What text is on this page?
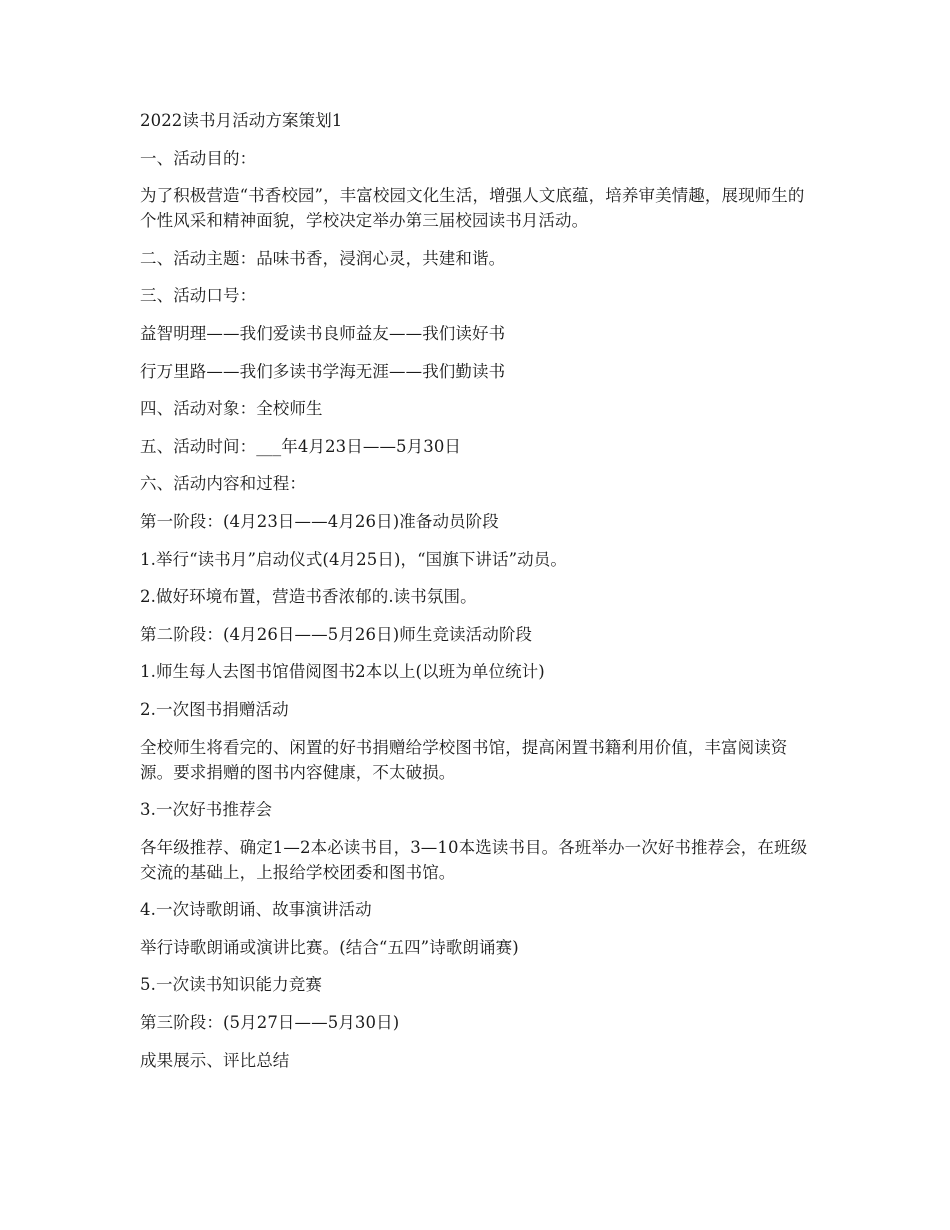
2022读书月活动方案策划1

一、活动目的：

为了积极营造“书香校园”，丰富校园文化生活，增强人文底蕴，培养审美情趣，展现师生的个性风采和精神面貌，学校决定举办第三届校园读书月活动。

二、活动主题：品味书香，浸润心灵，共建和谐。

三、活动口号：

益智明理——我们爱读书良师益友——我们读好书

行万里路——我们多读书学海无涯——我们勤读书

四、活动对象：全校师生

五、活动时间：___年4月23日——5月30日

六、活动内容和过程：

第一阶段：(4月23日——4月26日)准备动员阶段

1.举行“读书月”启动仪式(4月25日)，“国旗下讲话”动员。

2.做好环境布置，营造书香浓郁的.读书氛围。

第二阶段：(4月26日——5月26日)师生竞读活动阶段

1.师生每人去图书馆借阅图书2本以上(以班为单位统计)

2.一次图书捐赠活动

全校师生将看完的、闲置的好书捐赠给学校图书馆，提高闲置书籍利用价值，丰富阅读资源。要求捐赠的图书内容健康，不太破损。

3.一次好书推荐会

各年级推荐、确定1—2本必读书目，3—10本选读书目。各班举办一次好书推荐会，在班级交流的基础上，上报给学校团委和图书馆。

4.一次诗歌朗诵、故事演讲活动

举行诗歌朗诵或演讲比赛。(结合“五四”诗歌朗诵赛)

5.一次读书知识能力竞赛

第三阶段：(5月27日——5月30日)

成果展示、评比总结
